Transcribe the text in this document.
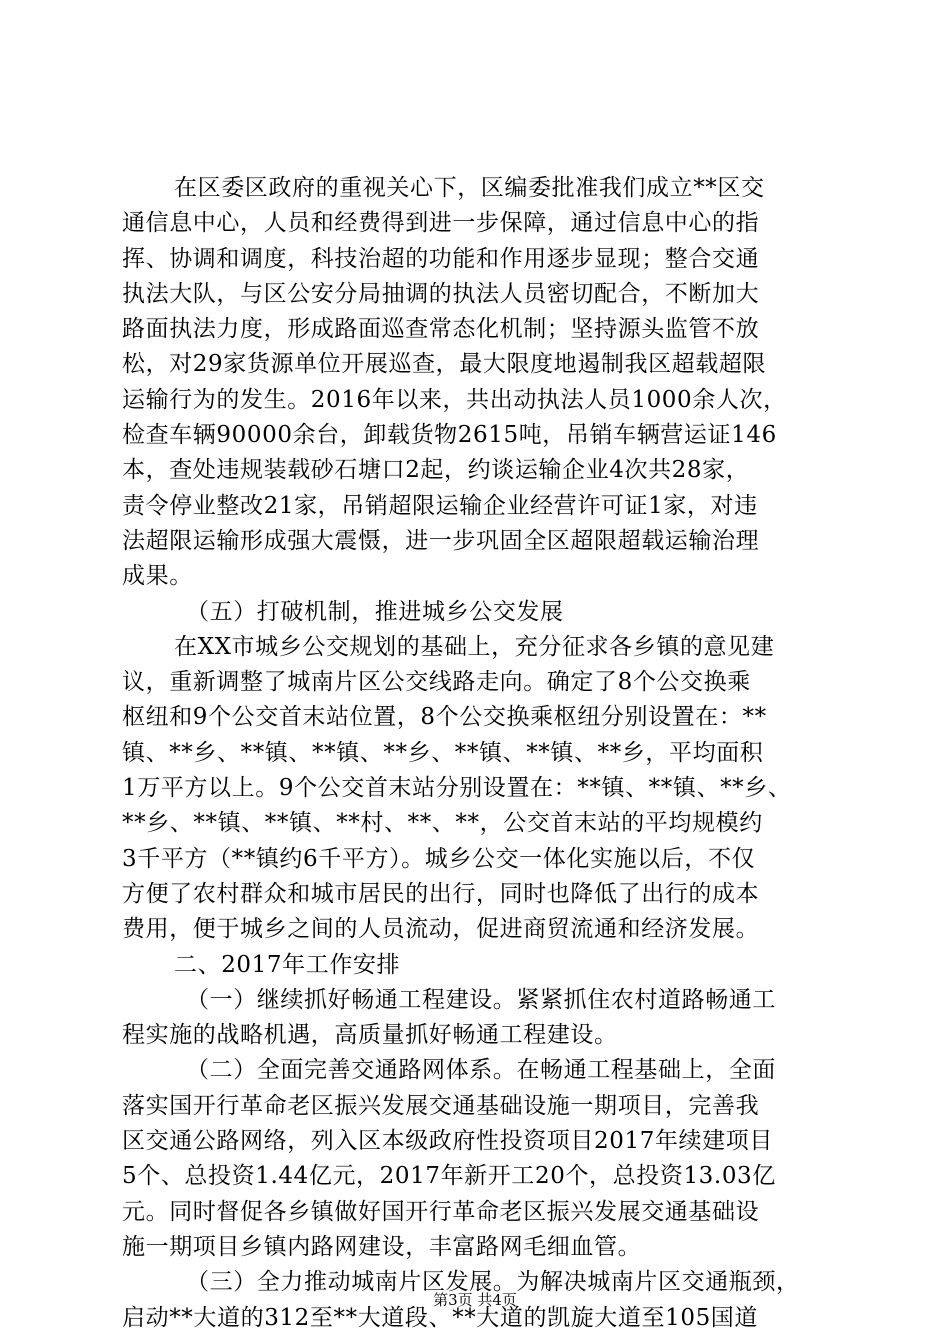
在区委区政府的重视关心下，区编委批准我们成立**区交
通信息中心，人员和经费得到进一步保障，通过信息中心的指
挥、协调和调度，科技治超的功能和作用逐步显现；整合交通
执法大队，与区公安分局抽调的执法人员密切配合，不断加大
路面执法力度，形成路面巡查常态化机制；坚持源头监管不放
松，对29家货源单位开展巡查，最大限度地遏制我区超载超限
运输行为的发生。2016年以来，共出动执法人员1000余人次，
检查车辆90000余台，卸载货物2615吨，吊销车辆营运证146
本，查处违规装载砂石塘口2起，约谈运输企业4次共28家，
责令停业整改21家，吊销超限运输企业经营许可证1家，对违
法超限运输形成强大震慑，进一步巩固全区超限超载运输治理
成果。
（五）打破机制，推进城乡公交发展
在XX市城乡公交规划的基础上，充分征求各乡镇的意见建
议，重新调整了城南片区公交线路走向。确定了8个公交换乘
枢纽和9个公交首末站位置，8个公交换乘枢纽分别设置在：**
镇、**乡、**镇、**镇、**乡、**镇、**镇、**乡，平均面积
1万平方以上。9个公交首末站分别设置在：**镇、**镇、**乡、
**乡、**镇、**镇、**村、**、**，公交首末站的平均规模约
3千平方（**镇约6千平方）。城乡公交一体化实施以后，不仅
方便了农村群众和城市居民的出行，同时也降低了出行的成本
费用，便于城乡之间的人员流动，促进商贸流通和经济发展。
二、2017年工作安排
（一）继续抓好畅通工程建设。紧紧抓住农村道路畅通工
程实施的战略机遇，高质量抓好畅通工程建设。
（二）全面完善交通路网体系。在畅通工程基础上，全面
落实国开行革命老区振兴发展交通基础设施一期项目，完善我
区交通公路网络，列入区本级政府性投资项目2017年续建项目
5个、总投资1.44亿元，2017年新开工20个，总投资13.03亿
元。同时督促各乡镇做好国开行革命老区振兴发展交通基础设
施一期项目乡镇内路网建设，丰富路网毛细血管。
（三）全力推动城南片区发展。为解决城南片区交通瓶颈，
启动**大道的312至**大道段、**大道的凯旋大道至105国道
第3页 共4页
